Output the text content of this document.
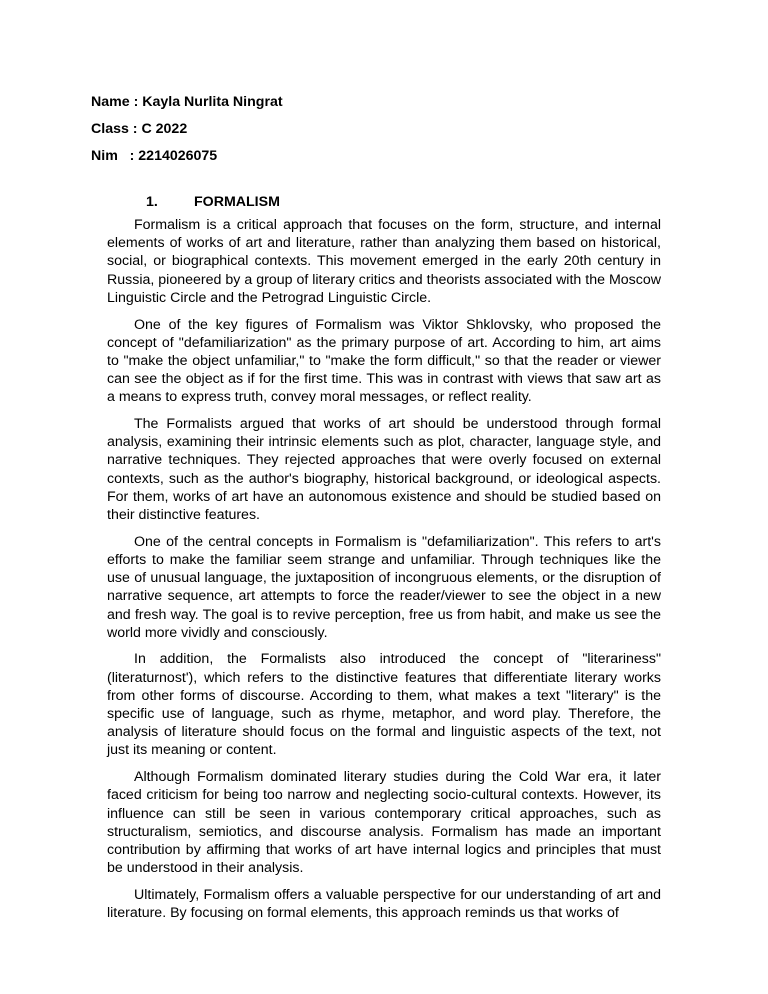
Name : Kayla Nurlita Ningrat
Class : C 2022
Nim   : 2214026075
1.	FORMALISM

Formalism is a critical approach that focuses on the form, structure, and internal elements of works of art and literature, rather than analyzing them based on historical, social, or biographical contexts. This movement emerged in the early 20th century in Russia, pioneered by a group of literary critics and theorists associated with the Moscow Linguistic Circle and the Petrograd Linguistic Circle.

One of the key figures of Formalism was Viktor Shklovsky, who proposed the concept of "defamiliarization" as the primary purpose of art. According to him, art aims to "make the object unfamiliar," to "make the form difficult," so that the reader or viewer can see the object as if for the first time. This was in contrast with views that saw art as a means to express truth, convey moral messages, or reflect reality.

The Formalists argued that works of art should be understood through formal analysis, examining their intrinsic elements such as plot, character, language style, and narrative techniques. They rejected approaches that were overly focused on external contexts, such as the author's biography, historical background, or ideological aspects. For them, works of art have an autonomous existence and should be studied based on their distinctive features.

One of the central concepts in Formalism is "defamiliarization". This refers to art's efforts to make the familiar seem strange and unfamiliar. Through techniques like the use of unusual language, the juxtaposition of incongruous elements, or the disruption of narrative sequence, art attempts to force the reader/viewer to see the object in a new and fresh way. The goal is to revive perception, free us from habit, and make us see the world more vividly and consciously.

In addition, the Formalists also introduced the concept of "literariness" (literaturnost'), which refers to the distinctive features that differentiate literary works from other forms of discourse. According to them, what makes a text "literary" is the specific use of language, such as rhyme, metaphor, and word play. Therefore, the analysis of literature should focus on the formal and linguistic aspects of the text, not just its meaning or content.

Although Formalism dominated literary studies during the Cold War era, it later faced criticism for being too narrow and neglecting socio-cultural contexts. However, its influence can still be seen in various contemporary critical approaches, such as structuralism, semiotics, and discourse analysis. Formalism has made an important contribution by affirming that works of art have internal logics and principles that must be understood in their analysis.

Ultimately, Formalism offers a valuable perspective for our understanding of art and literature. By focusing on formal elements, this approach reminds us that works of
